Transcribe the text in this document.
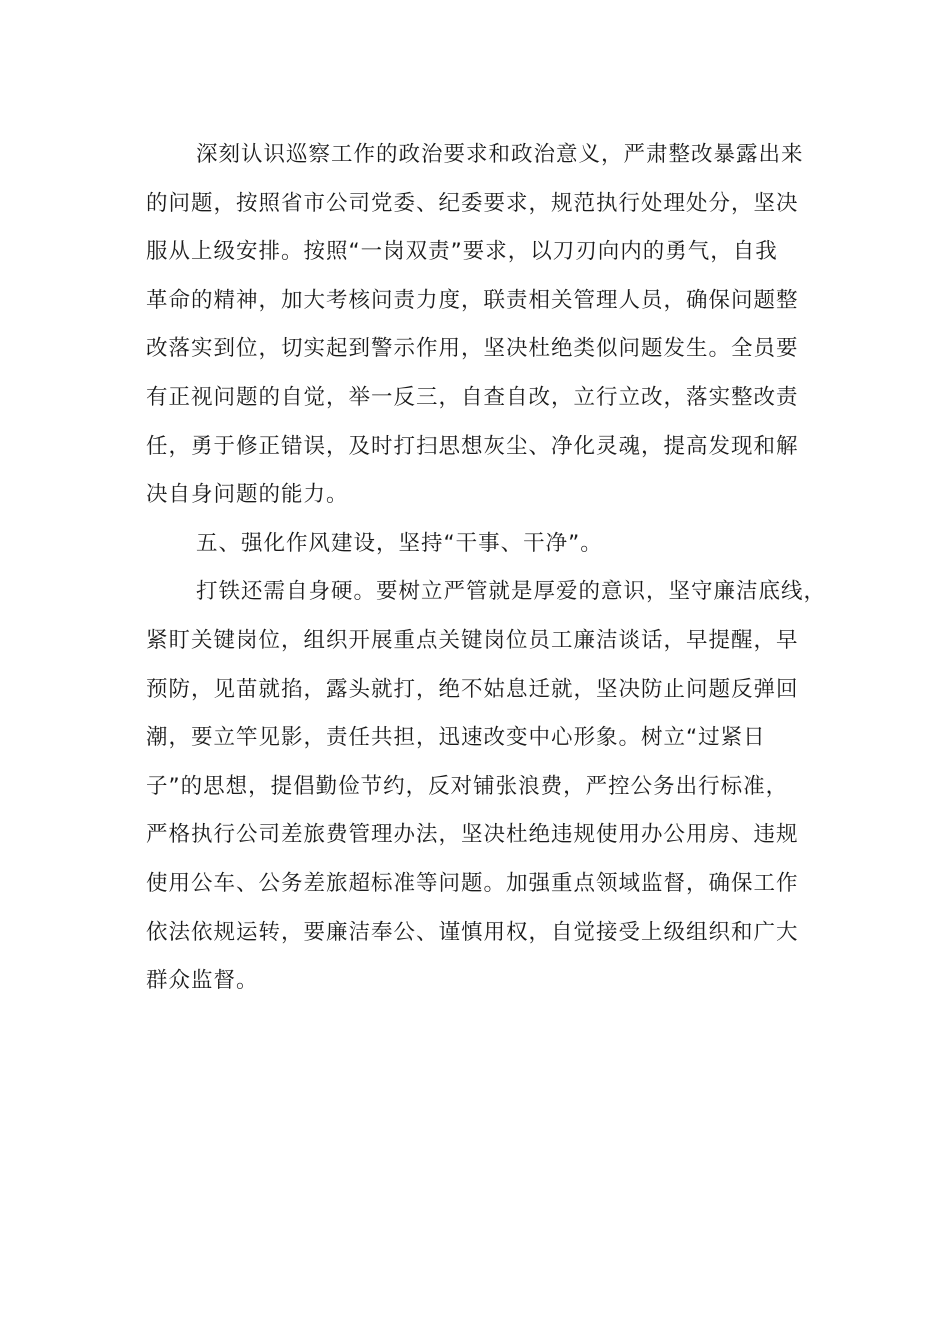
深刻认识巡察工作的政治要求和政治意义，严肃整改暴露出来
的问题，按照省市公司党委、纪委要求，规范执行处理处分，坚决
服从上级安排。按照“一岗双责”要求，以刀刃向内的勇气，自我
革命的精神，加大考核问责力度，联责相关管理人员，确保问题整
改落实到位，切实起到警示作用，坚决杜绝类似问题发生。全员要
有正视问题的自觉，举一反三，自查自改，立行立改，落实整改责
任，勇于修正错误，及时打扫思想灰尘、净化灵魂，提高发现和解
决自身问题的能力。
五、强化作风建设，坚持“干事、干净”。
打铁还需自身硬。要树立严管就是厚爱的意识，坚守廉洁底线，
紧盯关键岗位，组织开展重点关键岗位员工廉洁谈话，早提醒，早
预防，见苗就掐，露头就打，绝不姑息迁就，坚决防止问题反弹回
潮，要立竿见影，责任共担，迅速改变中心形象。树立“过紧日
子”的思想，提倡勤俭节约，反对铺张浪费，严控公务出行标准，
严格执行公司差旅费管理办法，坚决杜绝违规使用办公用房、违规
使用公车、公务差旅超标准等问题。加强重点领域监督，确保工作
依法依规运转，要廉洁奉公、谨慎用权，自觉接受上级组织和广大
群众监督。
